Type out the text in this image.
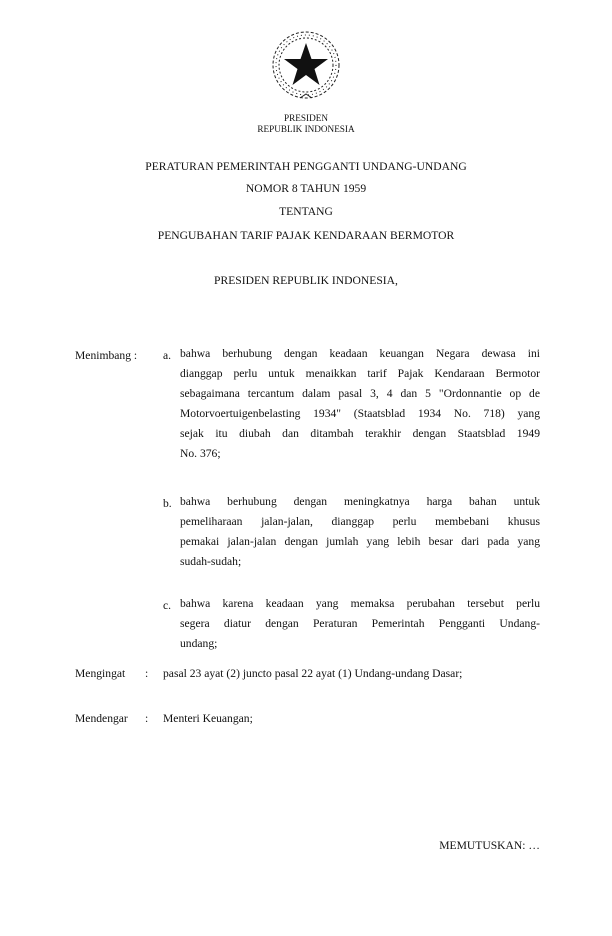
PRESIDEN
REPUBLIK INDONESIA
PERATURAN PEMERINTAH PENGGANTI UNDANG-UNDANG
NOMOR 8 TAHUN 1959
TENTANG
PENGUBAHAN TARIF PAJAK KENDARAAN BERMOTOR
PRESIDEN REPUBLIK INDONESIA,
Menimbang : a. bahwa berhubung dengan keadaan keuangan Negara dewasa ini
dianggap perlu untuk menaikkan tarif Pajak Kendaraan Bermotor
sebagaimana tercantum dalam pasal 3, 4 dan 5 "Ordonnantie op de
Motorvoertuigenbelasting 1934" (Staatsblad 1934 No. 718) yang
sejak itu diubah dan ditambah terakhir dengan Staatsblad 1949
No. 376;
b. bahwa berhubung dengan meningkatnya harga bahan untuk
pemeliharaan jalan-jalan, dianggap perlu membebani khusus
pemakai jalan-jalan dengan jumlah yang lebih besar dari pada yang
sudah-sudah;
c. bahwa karena keadaan yang memaksa perubahan tersebut perlu
segera diatur dengan Peraturan Pemerintah Pengganti Undang-
undang;
Mengingat : pasal 23 ayat (2) juncto pasal 22 ayat (1) Undang-undang Dasar;
Mendengar : Menteri Keuangan;
MEMUTUSKAN: …
